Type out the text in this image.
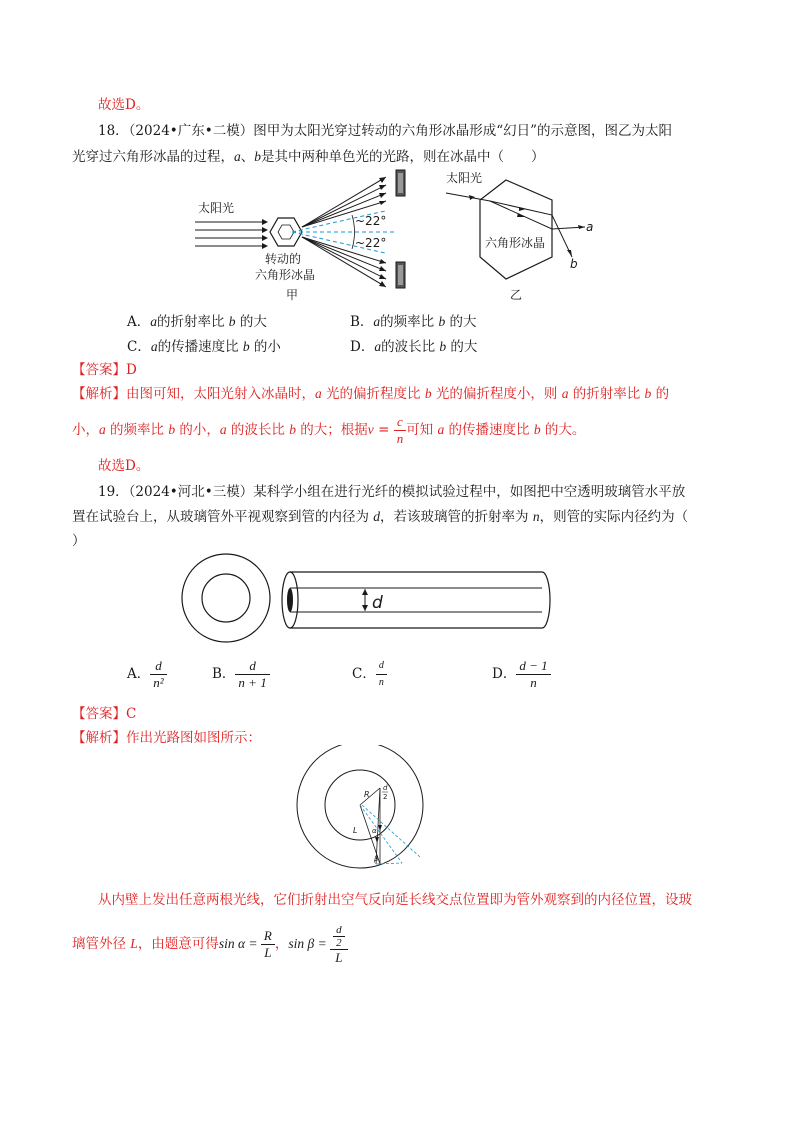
故选D。
18．（2024•广东•二模）图甲为太阳光穿过转动的六角形冰晶形成“幻日”的示意图，图乙为太阳
光穿过六角形冰晶的过程，a、b是其中两种单色光的光路，则在冰晶中（　　）
太阳光
~22°
~22°
转动的
六角形冰晶
甲
太阳光
a
b
六角形冰晶
乙
A．a的折射率比 b 的大	B．a的频率比 b 的大
C．a的传播速度比 b 的小	D．a的波长比 b 的大
【答案】D
【解析】由图可知，太阳光射入冰晶时，a 光的偏折程度比 b 光的偏折程度小，则 a 的折射率比 b 的
小，a 的频率比 b 的小，a 的波长比 b 的大；根据$v = \frac{c}{n}$ 可知 a 的传播速度比 b 的大。
故选D。
19．（2024•河北•三模）某科学小组在进行光纤的模拟试验过程中，如图把中空透明玻璃管水平放
置在试验台上，从玻璃管外平视观察到管的内径为 d，若该玻璃管的折射率为 n，则管的实际内径约为（
）
d
A． $\frac{d}{\text{n²}}$	B． $\frac{d}{n + 1}$	C． $\frac{d}{n}$	D． $\frac{d - 1}{n}$
【答案】C
【解析】作出光路图如图所示：
R
L
d
2
α
β
从内壁上发出任意两根光线，它们折射出空气反向延长线交点位置即为管外观察到的内径位置，设玻
璃管外径 L，由题意可得$\sin \alpha = \frac{R}{L}$ ，$\sin \beta = \frac{\frac{d}{2}}{L}$
